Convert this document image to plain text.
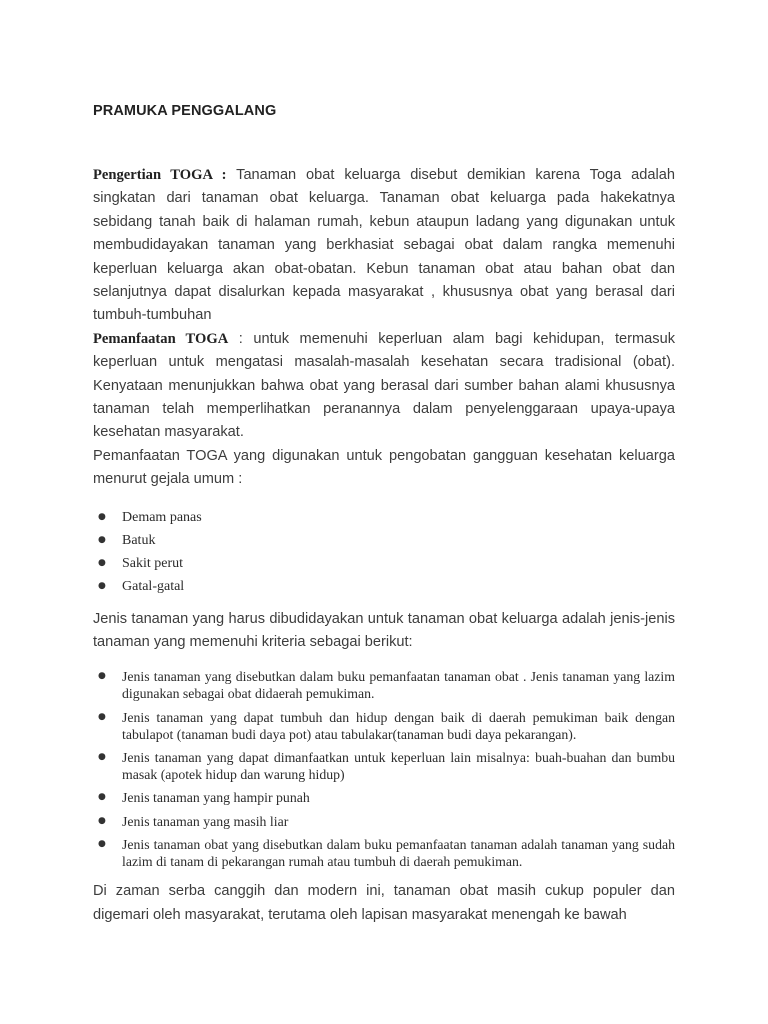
PRAMUKA PENGGALANG

Pengertian TOGA : Tanaman obat keluarga disebut demikian karena Toga adalah singkatan dari tanaman obat keluarga. Tanaman obat keluarga pada hakekatnya sebidang tanah baik di halaman rumah, kebun ataupun ladang yang digunakan untuk membudidayakan tanaman yang berkhasiat sebagai obat dalam rangka memenuhi keperluan keluarga akan obat-obatan. Kebun tanaman obat atau bahan obat dan selanjutnya dapat disalurkan kepada masyarakat , khususnya obat yang berasal dari tumbuh-tumbuhan

Pemanfaatan TOGA : untuk memenuhi keperluan alam bagi kehidupan, termasuk keperluan untuk mengatasi masalah-masalah kesehatan secara tradisional (obat). Kenyataan menunjukkan bahwa obat yang berasal dari sumber bahan alami khususnya tanaman telah memperlihatkan peranannya dalam penyelenggaraan upaya-upaya kesehatan masyarakat.

Pemanfaatan TOGA yang digunakan untuk pengobatan gangguan kesehatan keluarga menurut gejala umum :

● Demam panas
● Batuk
● Sakit perut
● Gatal-gatal

Jenis tanaman yang harus dibudidayakan untuk tanaman obat keluarga adalah jenis-jenis tanaman yang memenuhi kriteria sebagai berikut:

● Jenis tanaman yang disebutkan dalam buku pemanfaatan tanaman obat . Jenis tanaman yang lazim digunakan sebagai obat didaerah pemukiman.
● Jenis tanaman yang dapat tumbuh dan hidup dengan baik di daerah pemukiman baik dengan tabulapot (tanaman budi daya pot) atau tabulakar(tanaman budi daya pekarangan).
● Jenis tanaman yang dapat dimanfaatkan untuk keperluan lain misalnya: buah-buahan dan bumbu masak (apotek hidup dan warung hidup)
● Jenis tanaman yang hampir punah
● Jenis tanaman yang masih liar
● Jenis tanaman obat yang disebutkan dalam buku pemanfaatan tanaman adalah tanaman yang sudah lazim di tanam di pekarangan rumah atau tumbuh di daerah pemukiman.

Di zaman serba canggih dan modern ini, tanaman obat masih cukup populer dan digemari oleh masyarakat, terutama oleh lapisan masyarakat menengah ke bawah
